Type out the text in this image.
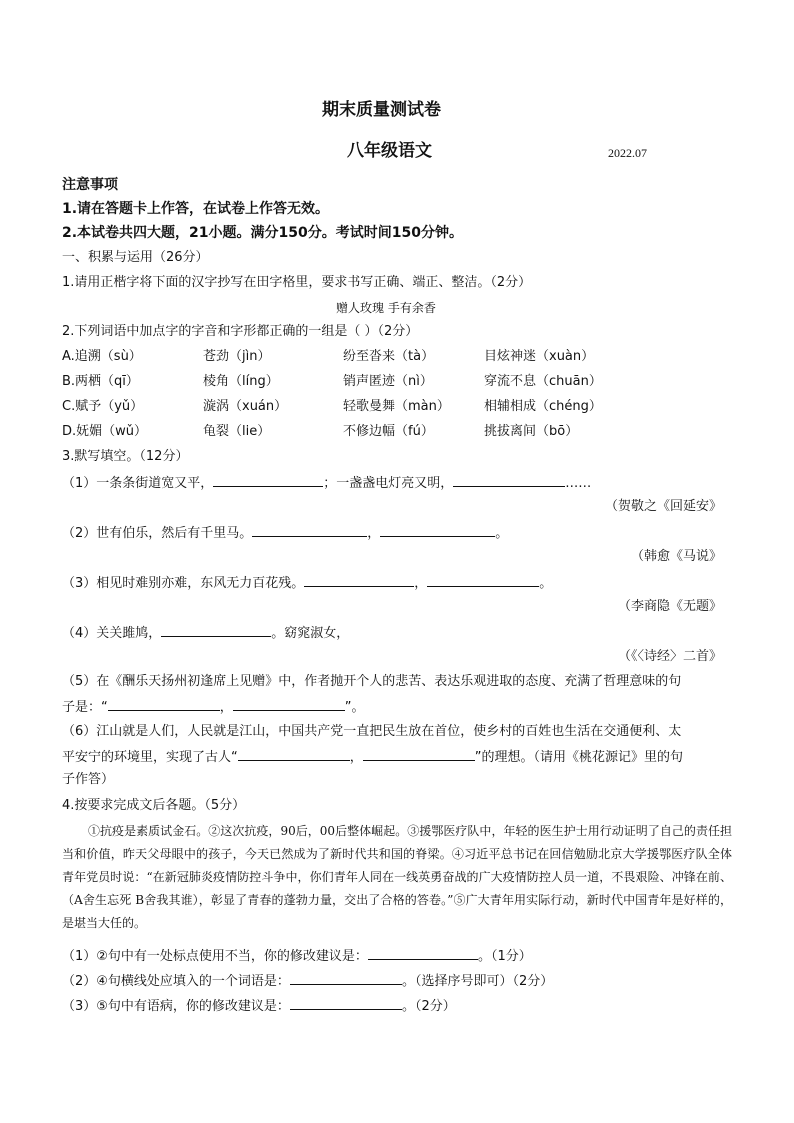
期末质量测试卷
八年级语文	2022.07
注意事项
1.请在答题卡上作答，在试卷上作答无效。
2.本试卷共四大题，21小题。满分150分。考试时间150分钟。
一、积累与运用（26分）
1.请用正楷字将下面的汉字抄写在田字格里，要求书写正确、端正、整洁。（2分）
赠人玫瑰 手有余香
2.下列词语中加点字的字音和字形都正确的一组是（ ）（2分）
A.追溯（sù）	苍劲（jìn）	纷至沓来（tà）	目炫神迷（xuàn）
B.两栖（qī）	棱角（líng）	销声匿迹（nì）	穿流不息（chuān）
C.赋予（yǔ）	漩涡（xuán）	轻歌曼舞（màn）	相辅相成（chéng）
D.妩媚（wǔ）	龟裂（lie）	不修边幅（fú）	挑拔离间（bō）
3.默写填空。（12分）
（1）一条条街道宽又平，	；一盏盏电灯亮又明，	……
（贺敬之《回延安》
（2）世有伯乐，然后有千里马。	，	。
（韩愈《马说》
（3）相见时难别亦难，东风无力百花残。	，	。
（李商隐《无题》
（4）关关雎鸠，	。窈窕淑女，
（《〈诗经〉二首》
（5）在《酬乐天扬州初逢席上见赠》中，作者抛开个人的悲苦、表达乐观进取的态度、充满了哲理意味的句
子是：“	，	”。
（6）江山就是人们，人民就是江山，中国共产党一直把民生放在首位，使乡村的百姓也生活在交通便利、太
平安宁的环境里，实现了古人“	，	”的理想。（请用《桃花源记》里的句
子作答）
4.按要求完成文后各题。（5分）
①抗疫是素质试金石。②这次抗疫，90后，00后整体崛起。③援鄂医疗队中，年轻的医生护士用行动证明了自己的责任担当和价值，昨天父母眼中的孩子，今天已然成为了新时代共和国的脊梁。④习近平总书记在回信勉励北京大学援鄂医疗队全体青年党员时说：“在新冠肺炎疫情防控斗争中，你们青年人同在一线英勇奋战的广大疫情防控人员一道，不畏艰险、冲锋在前、（A舍生忘死 B舍我其谁），彰显了青春的蓬勃力量，交出了合格的答卷。”⑤广大青年用实际行动，新时代中国青年是好样的，是堪当大任的。
（1）②句中有一处标点使用不当，你的修改建议是：	。（1分）
（2）④句横线处应填入的一个词语是：	。（选择序号即可）（2分）
（3）⑤句中有语病，你的修改建议是：	。（2分）
